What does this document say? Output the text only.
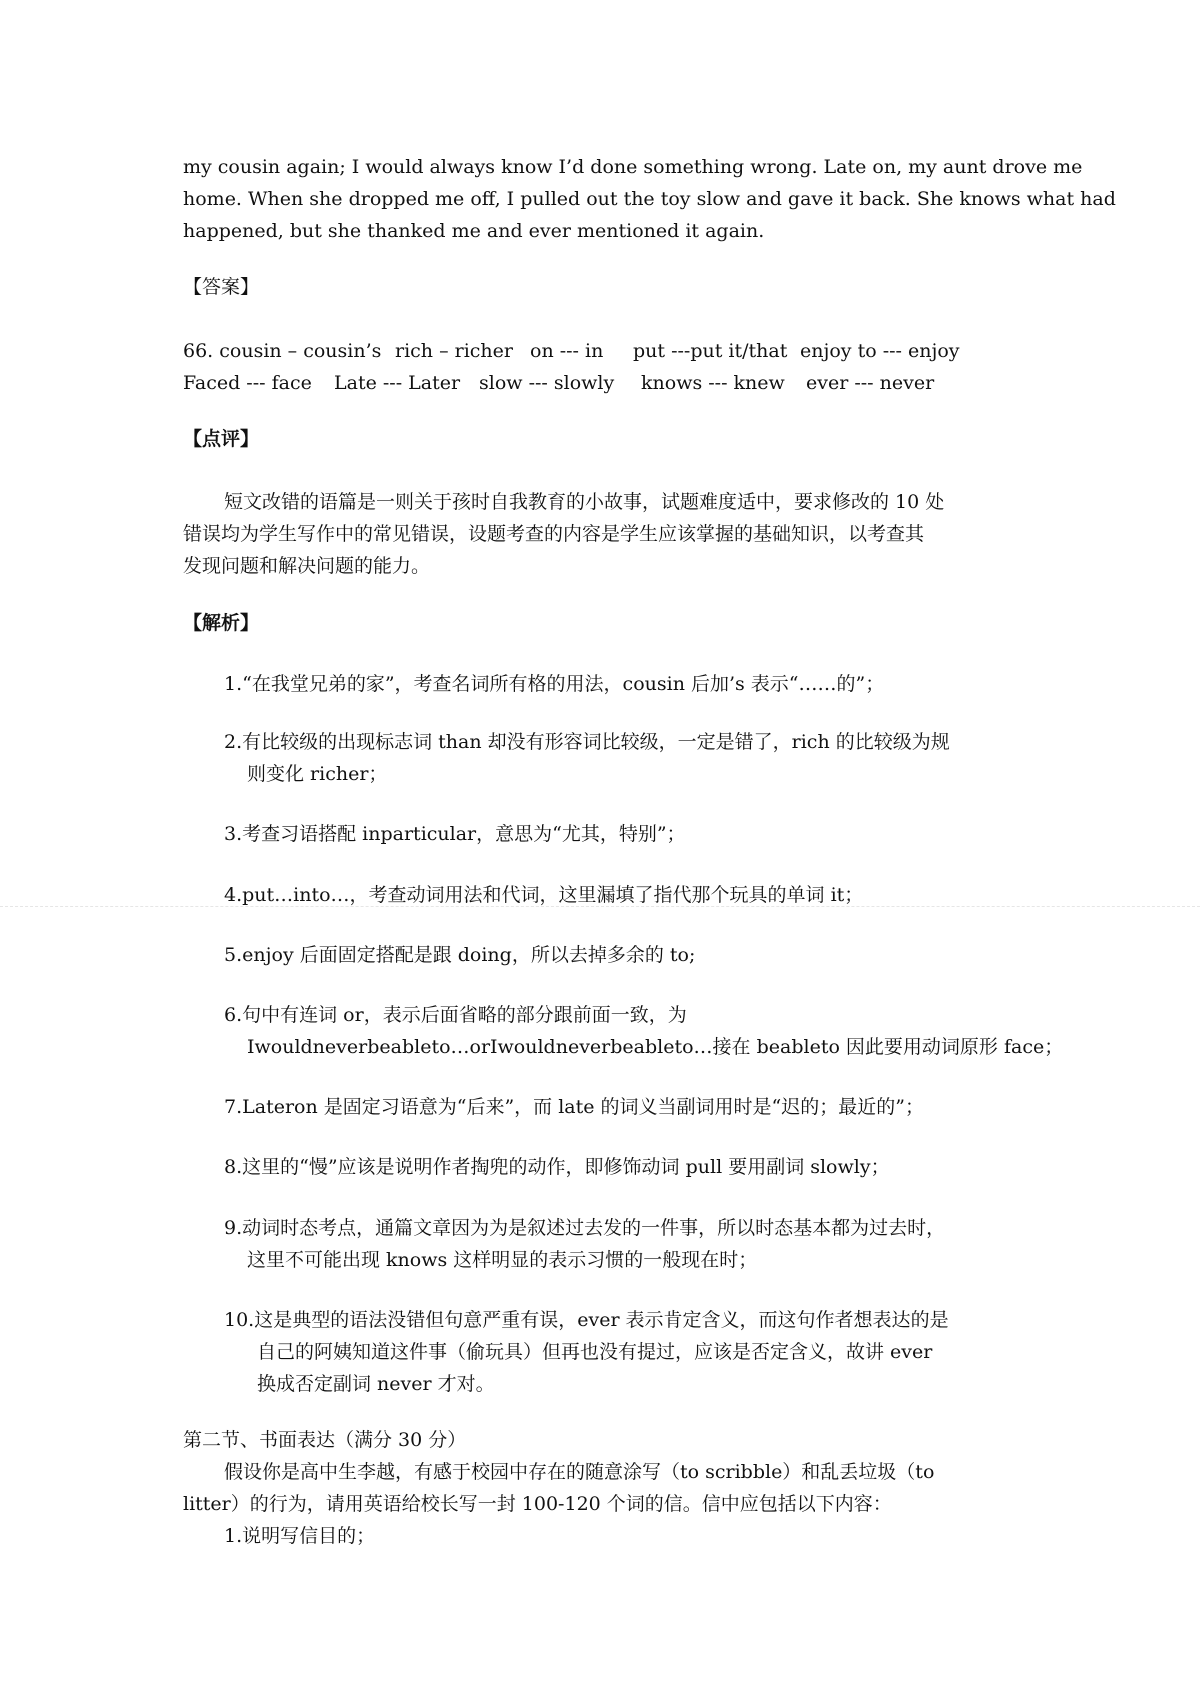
my cousin again; I would always know I’d done something wrong. Late on, my aunt drove me
home. When she dropped me off, I pulled out the toy slow and gave it back. She knows what had
happened, but she thanked me and ever mentioned it again.
【答案】
66. cousin – cousin’s rich – richer on --- in put ---put it/that enjoy to --- enjoy
Faced --- face Late --- Later slow --- slowly knows --- knew ever --- never
【点评】
短文改错的语篇是一则关于孩时自我教育的小故事，试题难度适中，要求修改的 10 处
错误均为学生写作中的常见错误，设题考查的内容是学生应该掌握的基础知识，以考查其
发现问题和解决问题的能力。
【解析】
1.“在我堂兄弟的家”，考查名词所有格的用法，cousin 后加’s 表示“……的”；
2.有比较级的出现标志词 than 却没有形容词比较级，一定是错了，rich 的比较级为规
则变化 richer；
3.考查习语搭配 inparticular，意思为“尤其，特别”；
4.put…into…，考查动词用法和代词，这里漏填了指代那个玩具的单词 it；
5.enjoy 后面固定搭配是跟 doing，所以去掉多余的 to;
6.句中有连词 or，表示后面省略的部分跟前面一致，为
Iwouldneverbeableto…orIwouldneverbeableto…接在 beableto 因此要用动词原形 face；
7.Lateron 是固定习语意为“后来”，而 late 的词义当副词用时是“迟的；最近的”；
8.这里的“慢”应该是说明作者掏兜的动作，即修饰动词 pull 要用副词 slowly；
9.动词时态考点，通篇文章因为为是叙述过去发的一件事，所以时态基本都为过去时，
这里不可能出现 knows 这样明显的表示习惯的一般现在时；
10.这是典型的语法没错但句意严重有误，ever 表示肯定含义，而这句作者想表达的是
自己的阿姨知道这件事（偷玩具）但再也没有提过，应该是否定含义，故讲 ever
换成否定副词 never 才对。
第二节、书面表达（满分 30 分）
假设你是高中生李越，有感于校园中存在的随意涂写（to scribble）和乱丢垃圾（to
litter）的行为，请用英语给校长写一封 100-120 个词的信。信中应包括以下内容：
1.说明写信目的；
